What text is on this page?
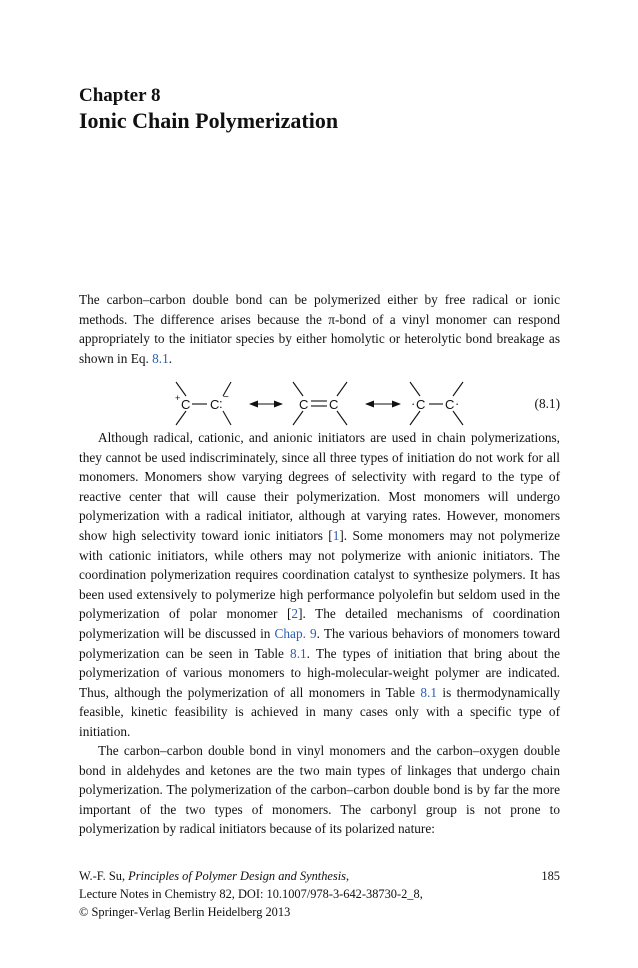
Chapter 8
Ionic Chain Polymerization

The carbon–carbon double bond can be polymerized either by free radical or ionic methods. The difference arises because the π-bond of a vinyl monomer can respond appropriately to the initiator species by either homolytic or heterolytic bond breakage as shown in Eq. 8.1.

+ C C : −	C C	· C C ·	(8.1)

Although radical, cationic, and anionic initiators are used in chain polymerizations, they cannot be used indiscriminately, since all three types of initiation do not work for all monomers. Monomers show varying degrees of selectivity with regard to the type of reactive center that will cause their polymerization. Most monomers will undergo polymerization with a radical initiator, although at varying rates. However, monomers show high selectivity toward ionic initiators [1]. Some monomers may not polymerize with cationic initiators, while others may not polymerize with anionic initiators. The coordination polymerization requires coordination catalyst to synthesize polymers. It has been used extensively to polymerize high performance polyolefin but seldom used in the polymerization of polar monomer [2]. The detailed mechanisms of coordination polymerization will be discussed in Chap. 9. The various behaviors of monomers toward polymerization can be seen in Table 8.1. The types of initiation that bring about the polymerization of various monomers to high-molecular-weight polymer are indicated. Thus, although the polymerization of all monomers in Table 8.1 is thermodynamically feasible, kinetic feasibility is achieved in many cases only with a specific type of initiation.

The carbon–carbon double bond in vinyl monomers and the carbon–oxygen double bond in aldehydes and ketones are the two main types of linkages that undergo chain polymerization. The polymerization of the carbon–carbon double bond is by far the more important of the two types of monomers. The carbonyl group is not prone to polymerization by radical initiators because of its polarized nature:

W.-F. Su, Principles of Polymer Design and Synthesis,
Lecture Notes in Chemistry 82, DOI: 10.1007/978-3-642-38730-2_8,
© Springer-Verlag Berlin Heidelberg 2013
185
